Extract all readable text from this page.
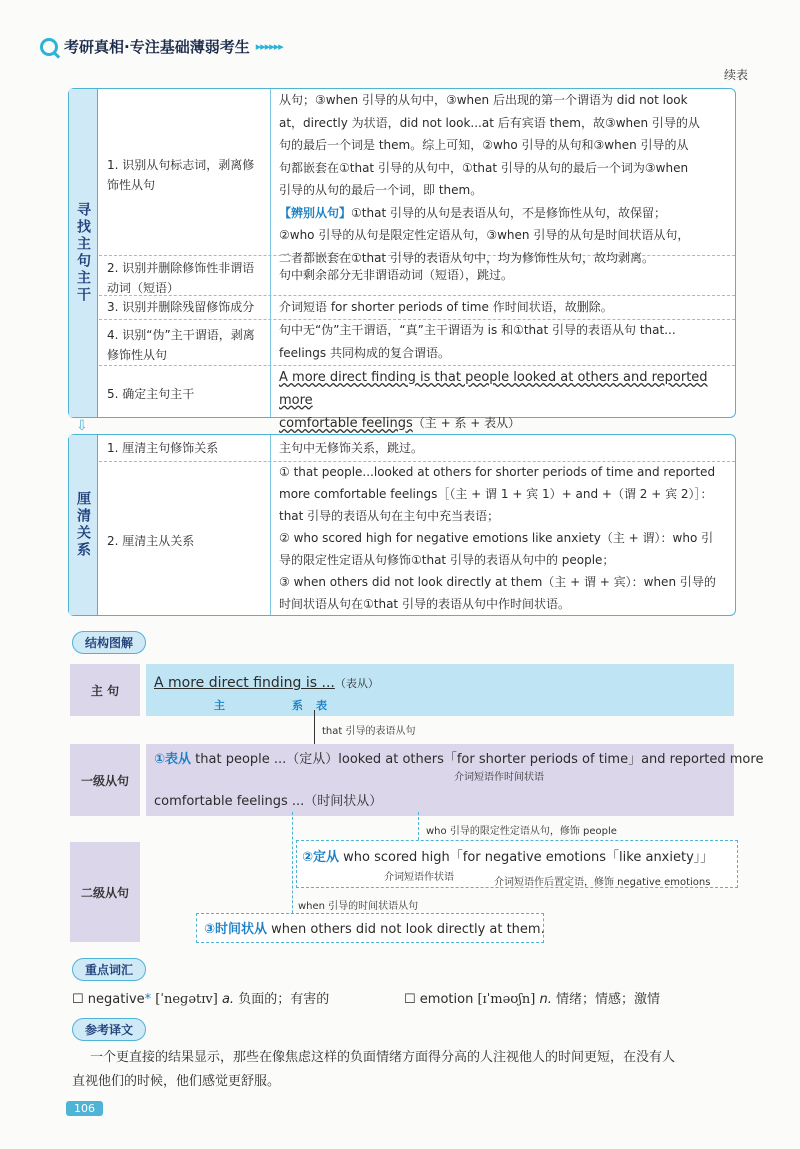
考研真相·专注基础薄弱考生 ▸▸▸▸▸▸
续表
寻找主句主干
1. 识别从句标志词，剥离修饰性从句
从句；③when 引导的从句中，③when 后出现的第一个谓语为 did not look
at，directly 为状语，did not look...at 后有宾语 them，故③when 引导的从
句的最后一个词是 them。综上可知，②who 引导的从句和③when 引导的从
句都嵌套在①that 引导的从句中，①that 引导的从句的最后一个词为③when
引导的从句的最后一个词，即 them。
【辨别从句】①that 引导的从句是表语从句，不是修饰性从句，故保留；
②who 引导的从句是限定性定语从句，③when 引导的从句是时间状语从句，
二者都嵌套在①that 引导的表语从句中，均为修饰性从句，故均剥离。
2. 识别并删除修饰性非谓语动词（短语）
句中剩余部分无非谓语动词（短语），跳过。
3. 识别并删除残留修饰成分	介词短语 for shorter periods of time 作时间状语，故删除。
4. 识别“伪”主干谓语，剥离修饰性从句
句中无“伪”主干谓语，“真”主干谓语为 is 和①that 引导的表语从句 that...
feelings 共同构成的复合谓语。
5. 确定主句主干
A more direct finding is that people looked at others and reported more
comfortable feelings（主 + 系 + 表从）
⇩
厘清关系
1. 厘清主句修饰关系	主句中无修饰关系，跳过。
2. 厘清主从关系
① that people...looked at others for shorter periods of time and reported
more comfortable feelings［（主 + 谓 1 + 宾 1）+ and +（谓 2 + 宾 2）］：
that 引导的表语从句在主句中充当表语；
② who scored high for negative emotions like anxiety（主 + 谓）：who 引
导的限定性定语从句修饰①that 引导的表语从句中的 people；
③ when others did not look directly at them（主 + 谓 + 宾）：when 引导的
时间状语从句在①that 引导的表语从句中作时间状语。
结构图解
主 句	A more direct finding is ...（表从）
主	系 表
that 引导的表语从句
一级从句
①表从 that people ...（定从）looked at others「for shorter periods of time」and reported more
介词短语作时间状语
comfortable feelings ...（时间状从）
who 引导的限定性定语从句，修饰 people
二级从句
②定从 who scored high「for negative emotions「like anxiety」」
介词短语作状语	介词短语作后置定语，修饰 negative emotions
when 引导的时间状语从句
③时间状从 when others did not look directly at them.
重点词汇
☐ negative* [ˈneɡətɪv] a. 负面的；有害的	☐ emotion [ɪˈməʊʃn] n. 情绪；情感；激情
参考译文
一个更直接的结果显示，那些在像焦虑这样的负面情绪方面得分高的人注视他人的时间更短，在没有人
直视他们的时候，他们感觉更舒服。
106
